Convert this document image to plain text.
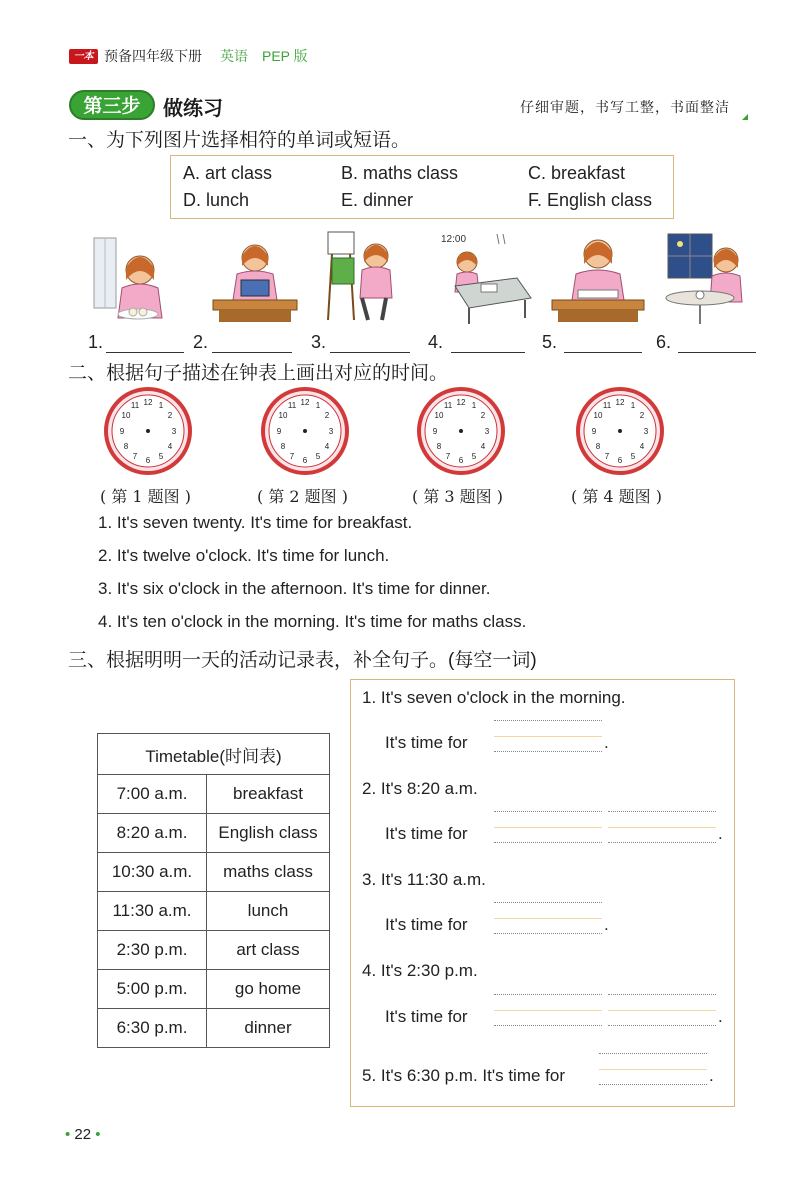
一本 预备四年级下册 英语 PEP 版
第三步	做练习	仔细审题，书写工整，书面整洁
一、为下列图片选择相符的单词或短语。
A. art class	B. maths class	C. breakfast
D. lunch	E. dinner	F. English class
12:00
1.	2.	3.	4.	5.	6.
二、根据句子描述在钟表上画出对应的时间。
12 1
2
3
4
5
6
7
8
9
10
11	12 1
2
3
4
5
6
7
8
9
10
11	12 1
2
3
4
5
6
7
8
9
10
11	12 1
2
3
4
5
6
7
8
9
10
11
( 第 1 题图 )	( 第 2 题图 )	( 第 3 题图 )	( 第 4 题图 )
1. It's seven twenty. It's time for breakfast.
2. It's twelve o'clock. It's time for lunch.
3. It's six o'clock in the afternoon. It's time for dinner.
4. It's ten o'clock in the morning. It's time for maths class.
三、根据明明一天的活动记录表，补全句子。(每空一词)
Timetable(时间表)	
7:00 a.m.	breakfast
8:20 a.m.	English class
10:30 a.m.	maths class
11:30 a.m.	lunch
2:30 p.m.	art class
5:00 p.m.	go home
6:30 p.m.	dinner
1. It's seven o'clock in the morning.
It's time for	.
2. It's 8:20 a.m.
It's time for	.
3. It's 11:30 a.m.
It's time for	.
4. It's 2:30 p.m.
It's time for	.
5. It's 6:30 p.m. It's time for	.
• 22 •
